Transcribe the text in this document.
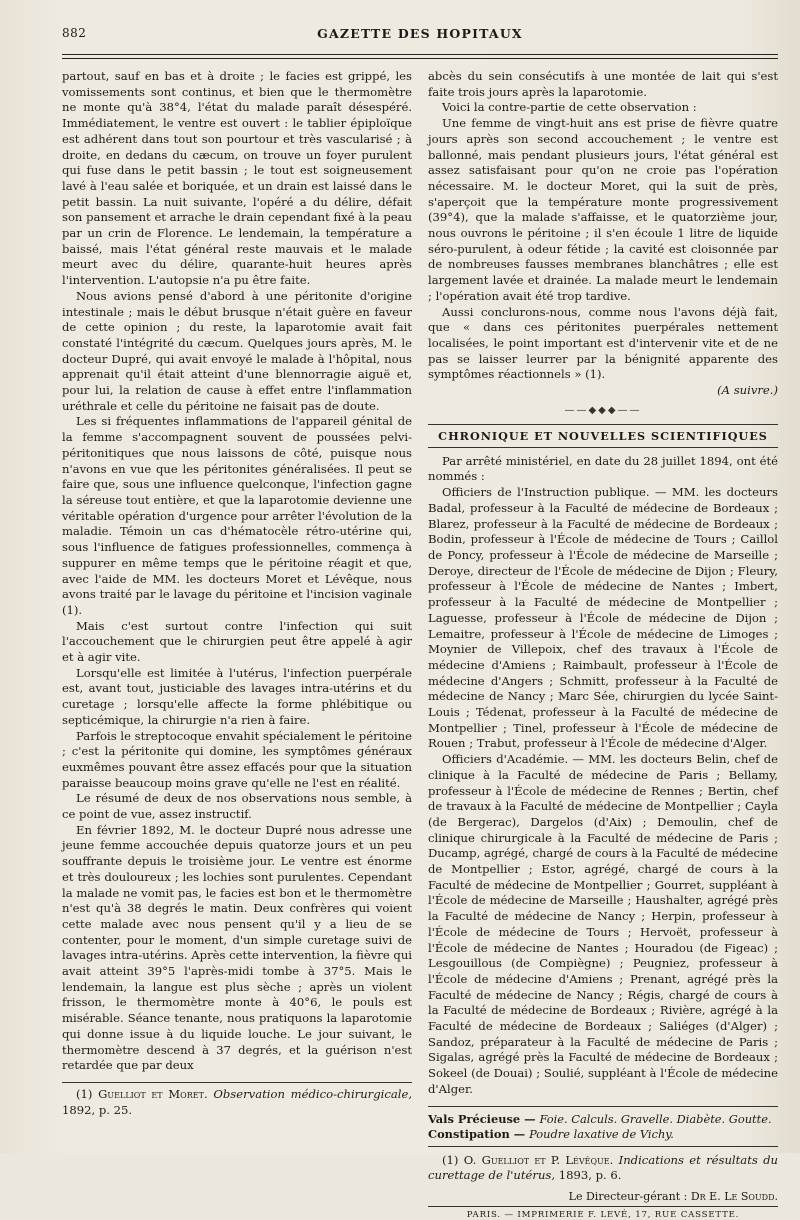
882	GAZETTE DES HOPITAUX

partout, sauf en bas et à droite ; le facies est grippé, les vomissements sont continus, et bien que le thermomètre ne monte qu'à 38°4, l'état du malade paraît désespéré. Immédiatement, le ventre est ouvert : le tablier épiploïque est adhérent dans tout son pourtour et très vascularisé ; à droite, en dedans du cæcum, on trouve un foyer purulent qui fuse dans le petit bassin ; le tout est soigneusement lavé à l'eau salée et boriquée, et un drain est laissé dans le petit bassin. La nuit suivante, l'opéré a du délire, défait son pansement et arrache le drain cependant fixé à la peau par un crin de Florence. Le lendemain, la température a baissé, mais l'état général reste mauvais et le malade meurt avec du délire, quarante-huit heures après l'intervention. L'autopsie n'a pu être faite.

Nous avions pensé d'abord à une péritonite d'origine intestinale ; mais le début brusque n'était guère en faveur de cette opinion ; du reste, la laparotomie avait fait constaté l'intégrité du cæcum. Quelques jours après, M. le docteur Dupré, qui avait envoyé le malade à l'hôpital, nous apprenait qu'il était atteint d'une blennorragie aiguë et, pour lui, la relation de cause à effet entre l'inflammation uréthrale et celle du péritoine ne faisait pas de doute.

Les si fréquentes inflammations de l'appareil génital de la femme s'accompagnent souvent de poussées pelvi-péritonitiques que nous laissons de côté, puisque nous n'avons en vue que les péritonites généralisées. Il peut se faire que, sous une influence quelconque, l'infection gagne la séreuse tout entière, et que la laparotomie devienne une véritable opération d'urgence pour arrêter l'évolution de la maladie. Témoin un cas d'hématocèle rétro-utérine qui, sous l'influence de fatigues professionnelles, commença à suppurer en même temps que le péritoine réagit et que, avec l'aide de MM. les docteurs Moret et Lévêque, nous avons traité par le lavage du péritoine et l'incision vaginale (1).

Mais c'est surtout contre l'infection qui suit l'accouchement que le chirurgien peut être appelé à agir et à agir vite.

Lorsqu'elle est limitée à l'utérus, l'infection puerpérale est, avant tout, justiciable des lavages intra-utérins et du curetage ; lorsqu'elle affecte la forme phlébitique ou septicémique, la chirurgie n'a rien à faire.

Parfois le streptocoque envahit spécialement le péritoine ; c'est la péritonite qui domine, les symptômes généraux euxmêmes pouvant être assez effacés pour que la situation paraisse beaucoup moins grave qu'elle ne l'est en réalité.

Le résumé de deux de nos observations nous semble, à ce point de vue, assez instructif.

En février 1892, M. le docteur Dupré nous adresse une jeune femme accouchée depuis quatorze jours et un peu souffrante depuis le troisième jour. Le ventre est énorme et très douloureux ; les lochies sont purulentes. Cependant la malade ne vomit pas, le facies est bon et le thermomètre n'est qu'à 38 degrés le matin. Deux confrères qui voient cette malade avec nous pensent qu'il y a lieu de se contenter, pour le moment, d'un simple curetage suivi de lavages intra-utérins. Après cette intervention, la fièvre qui avait atteint 39°5 l'après-midi tombe à 37°5. Mais le lendemain, la langue est plus sèche ; après un violent frisson, le thermomètre monte à 40°6, le pouls est misérable. Séance tenante, nous pratiquons la laparotomie qui donne issue à du liquide louche. Le jour suivant, le thermomètre descend à 37 degrés, et la guérison n'est retardée que par deux

(1) Guelliot et Moret. Observation médico-chirurgicale, 1892, p. 25.

abcès du sein consécutifs à une montée de lait qui s'est faite trois jours après la laparotomie.

Voici la contre-partie de cette observation :

Une femme de vingt-huit ans est prise de fièvre quatre jours après son second accouchement ; le ventre est ballonné, mais pendant plusieurs jours, l'état général est assez satisfaisant pour qu'on ne croie pas l'opération nécessaire. M. le docteur Moret, qui la suit de près, s'aperçoit que la température monte progressivement (39°4), que la malade s'affaisse, et le quatorzième jour, nous ouvrons le péritoine ; il s'en écoule 1 litre de liquide séro-purulent, à odeur fétide ; la cavité est cloisonnée par de nombreuses fausses membranes blanchâtres ; elle est largement lavée et drainée. La malade meurt le lendemain ; l'opération avait été trop tardive.

Aussi conclurons-nous, comme nous l'avons déjà fait, que « dans ces péritonites puerpérales nettement localisées, le point important est d'intervenir vite et de ne pas se laisser leurrer par la bénignité apparente des symptômes réactionnels » (1).

(A suivre.)

——◆◆◆——
CHRONIQUE ET NOUVELLES SCIENTIFIQUES

Par arrêté ministériel, en date du 28 juillet 1894, ont été nommés :

Officiers de l'Instruction publique. — MM. les docteurs Badal, professeur à la Faculté de médecine de Bordeaux ; Blarez, professeur à la Faculté de médecine de Bordeaux ; Bodin, professeur à l'École de médecine de Tours ; Caillol de Poncy, professeur à l'École de médecine de Marseille ; Deroye, directeur de l'École de médecine de Dijon ; Fleury, professeur à l'École de médecine de Nantes ; Imbert, professeur à la Faculté de médecine de Montpellier ; Laguesse, professeur à l'École de médecine de Dijon ; Lemaitre, professeur à l'École de médecine de Limoges ; Moynier de Villepoix, chef des travaux à l'École de médecine d'Amiens ; Raimbault, professeur à l'École de médecine d'Angers ; Schmitt, professeur à la Faculté de médecine de Nancy ; Marc Sée, chirurgien du lycée Saint-Louis ; Tédenat, professeur à la Faculté de médecine de Montpellier ; Tinel, professeur à l'École de médecine de Rouen ; Trabut, professeur à l'École de médecine d'Alger.

Officiers d'Académie. — MM. les docteurs Belin, chef de clinique à la Faculté de médecine de Paris ; Bellamy, professeur à l'École de médecine de Rennes ; Bertin, chef de travaux à la Faculté de médecine de Montpellier ; Cayla (de Bergerac), Dargelos (d'Aix) ; Demoulin, chef de clinique chirurgicale à la Faculté de médecine de Paris ; Ducamp, agrégé, chargé de cours à la Faculté de médecine de Montpellier ; Estor, agrégé, chargé de cours à la Faculté de médecine de Montpellier ; Gourret, suppléant à l'École de médecine de Marseille ; Haushalter, agrégé près la Faculté de médecine de Nancy ; Herpin, professeur à l'École de médecine de Tours ; Hervoët, professeur à l'École de médecine de Nantes ; Houradou (de Figeac) ; Lesgouillous (de Compiègne) ; Peugniez, professeur à l'École de médecine d'Amiens ; Prenant, agrégé près la Faculté de médecine de Nancy ; Régis, chargé de cours à la Faculté de médecine de Bordeaux ; Rivière, agrégé à la Faculté de médecine de Bordeaux ; Saliéges (d'Alger) ; Sandoz, préparateur à la Faculté de médecine de Paris ; Sigalas, agrégé près la Faculté de médecine de Bordeaux ; Sokeel (de Douai) ; Soulié, suppléant à l'École de médecine d'Alger.

Vals Précieuse — Foie. Calculs. Gravelle. Diabète. Goutte.
Constipation — Poudre laxative de Vichy.

(1) O. Guelliot et P. Lévêque. Indications et résultats du curettage de l'utérus, 1893, p. 6.

Le Directeur-gérant : Dr E. Le Soudd.
PARIS. — IMPRIMERIE F. LEVÉ, 17, RUE CASSETTE.
